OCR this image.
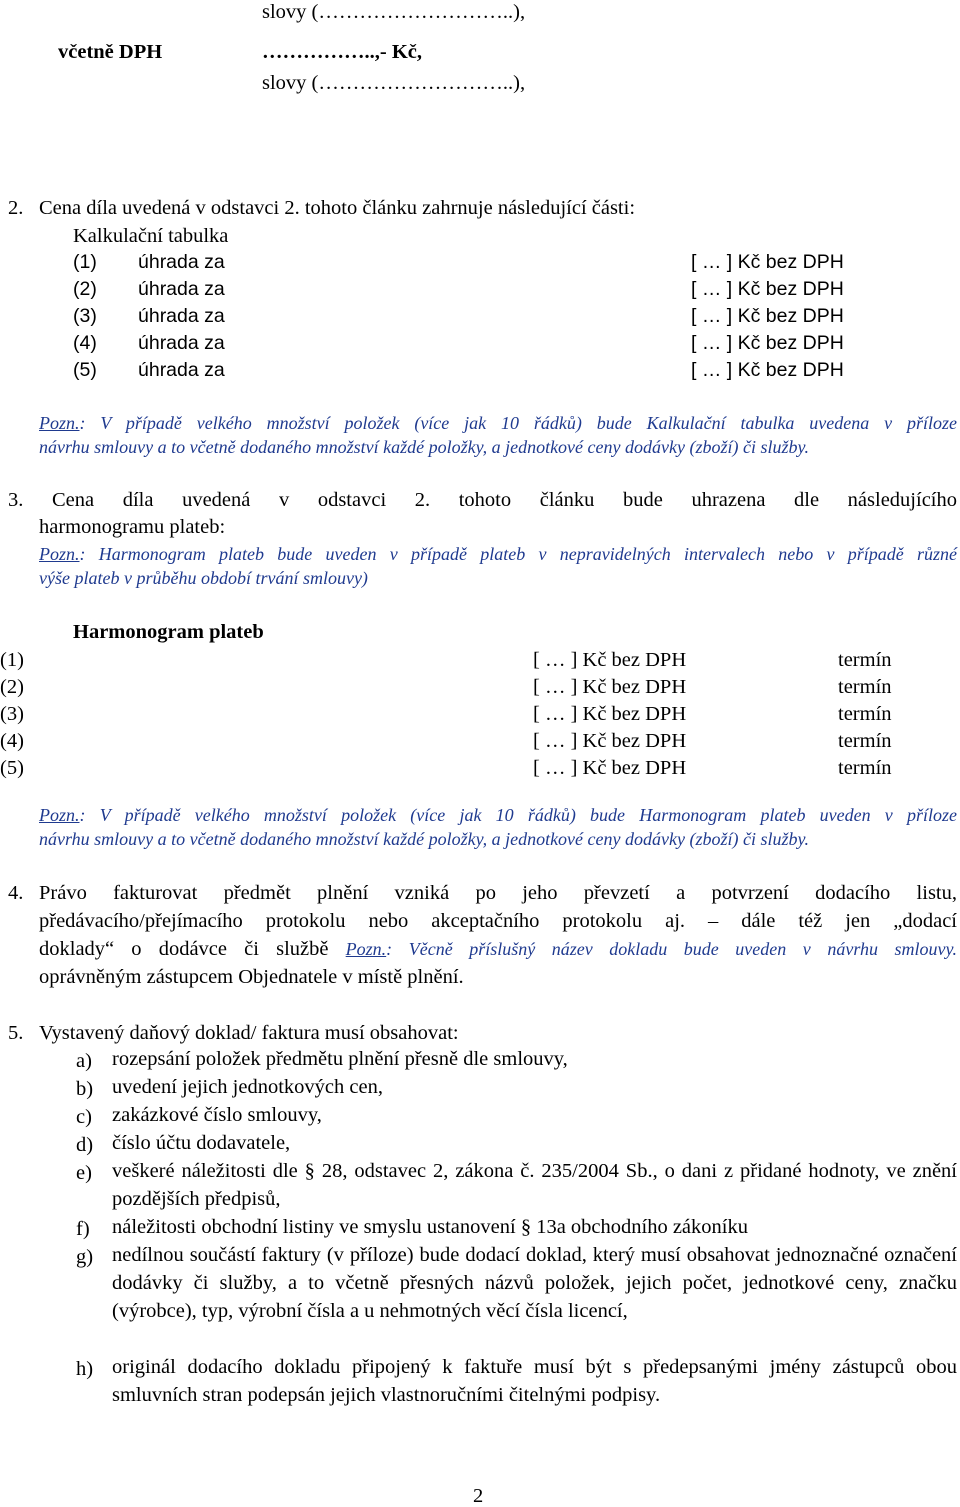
slovy (………………………..),
včetně DPH	……………..,- Kč,
slovy (………………………..),
2. Cena díla uvedená v odstavci 2. tohoto článku zahrnuje následující části:
Kalkulační tabulka
(1) úhrada za	[ … ] Kč bez DPH
(2) úhrada za	[ … ] Kč bez DPH
(3) úhrada za	[ … ] Kč bez DPH
(4) úhrada za	[ … ] Kč bez DPH
(5) úhrada za	[ … ] Kč bez DPH
Pozn.: V případě velkého množství položek (více jak 10 řádků) bude Kalkulační tabulka uvedena v příloze
návrhu smlouvy a to včetně dodaného množství každé položky, a jednotkové ceny dodávky (zboží) či služby.
3. Cena díla uvedená v odstavci 2. tohoto článku bude uhrazena dle následujícího
harmonogramu plateb:
Pozn.: Harmonogram plateb bude uveden v případě plateb v nepravidelných intervalech nebo v případě různé
výše plateb v průběhu období trvání smlouvy)
Harmonogram plateb
(1)	[ … ] Kč bez DPH	termín
(2)	[ … ] Kč bez DPH	termín
(3)	[ … ] Kč bez DPH	termín
(4)	[ … ] Kč bez DPH	termín
(5)	[ … ] Kč bez DPH	termín
Pozn.: V případě velkého množství položek (více jak 10 řádků) bude Harmonogram plateb uveden v příloze
návrhu smlouvy a to včetně dodaného množství každé položky, a jednotkové ceny dodávky (zboží) či služby.
4. Právo fakturovat předmět plnění vzniká po jeho převzetí a potvrzení dodacího listu,
předávacího/přejímacího protokolu nebo akceptačního protokolu aj. – dále též jen „dodací
doklady“ o dodávce či službě Pozn.: Věcně příslušný název dokladu bude uveden v návrhu smlouvy.
oprávněným zástupcem Objednatele v místě plnění.
5. Vystavený daňový doklad/ faktura musí obsahovat:
a) rozepsání položek předmětu plnění přesně dle smlouvy,
b) uvedení jejich jednotkových cen,
c) zakázkové číslo smlouvy,
d) číslo účtu dodavatele,
e) veškeré náležitosti dle § 28, odstavec 2, zákona č. 235/2004 Sb., o dani z přidané hodnoty, ve znění pozdějších předpisů,
f) náležitosti obchodní listiny ve smyslu ustanovení § 13a obchodního zákoníku
g) nedílnou součástí faktury (v příloze) bude dodací doklad, který musí obsahovat jednoznačné označení dodávky či služby, a to včetně přesných názvů položek, jejich počet, jednotkové ceny, značku (výrobce), typ, výrobní čísla a u nehmotných věcí čísla licencí,
h) originál dodacího dokladu připojený k faktuře musí být s předepsanými jmény zástupců obou smluvních stran podepsán jejich vlastnoručními čitelnými podpisy.
2
